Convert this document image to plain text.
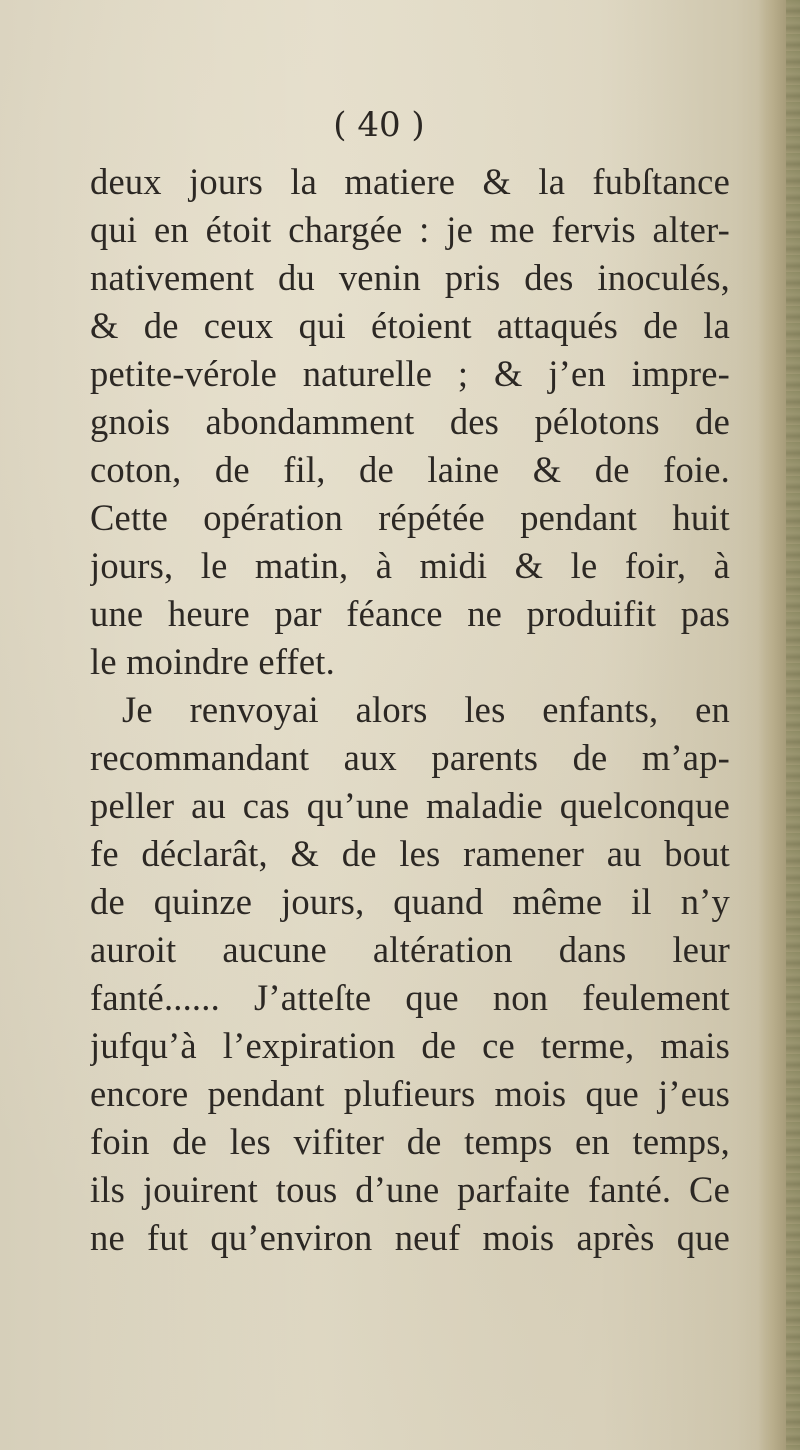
( 40 )
deux jours la matiere & la fubſtance
qui en étoit chargée : je me fervis alter-
nativement du venin pris des inoculés,
& de ceux qui étoient attaqués de la
petite-vérole naturelle ; & j’en impre-
gnois abondamment des pélotons de
coton, de fil, de laine & de foie.
Cette opération répétée pendant huit
jours, le matin, à midi & le foir, à
une heure par féance ne produifit pas
le moindre effet.
Je renvoyai alors les enfants, en
recommandant aux parents de m’ap-
peller au cas qu’une maladie quelconque
fe déclarât, & de les ramener au bout
de quinze jours, quand même il n’y
auroit aucune altération dans leur
fanté...... J’atteſte que non feulement
jufqu’à l’expiration de ce terme, mais
encore pendant plufieurs mois que j’eus
foin de les vifiter de temps en temps,
ils jouirent tous d’une parfaite fanté. Ce
ne fut qu’environ neuf mois après que
